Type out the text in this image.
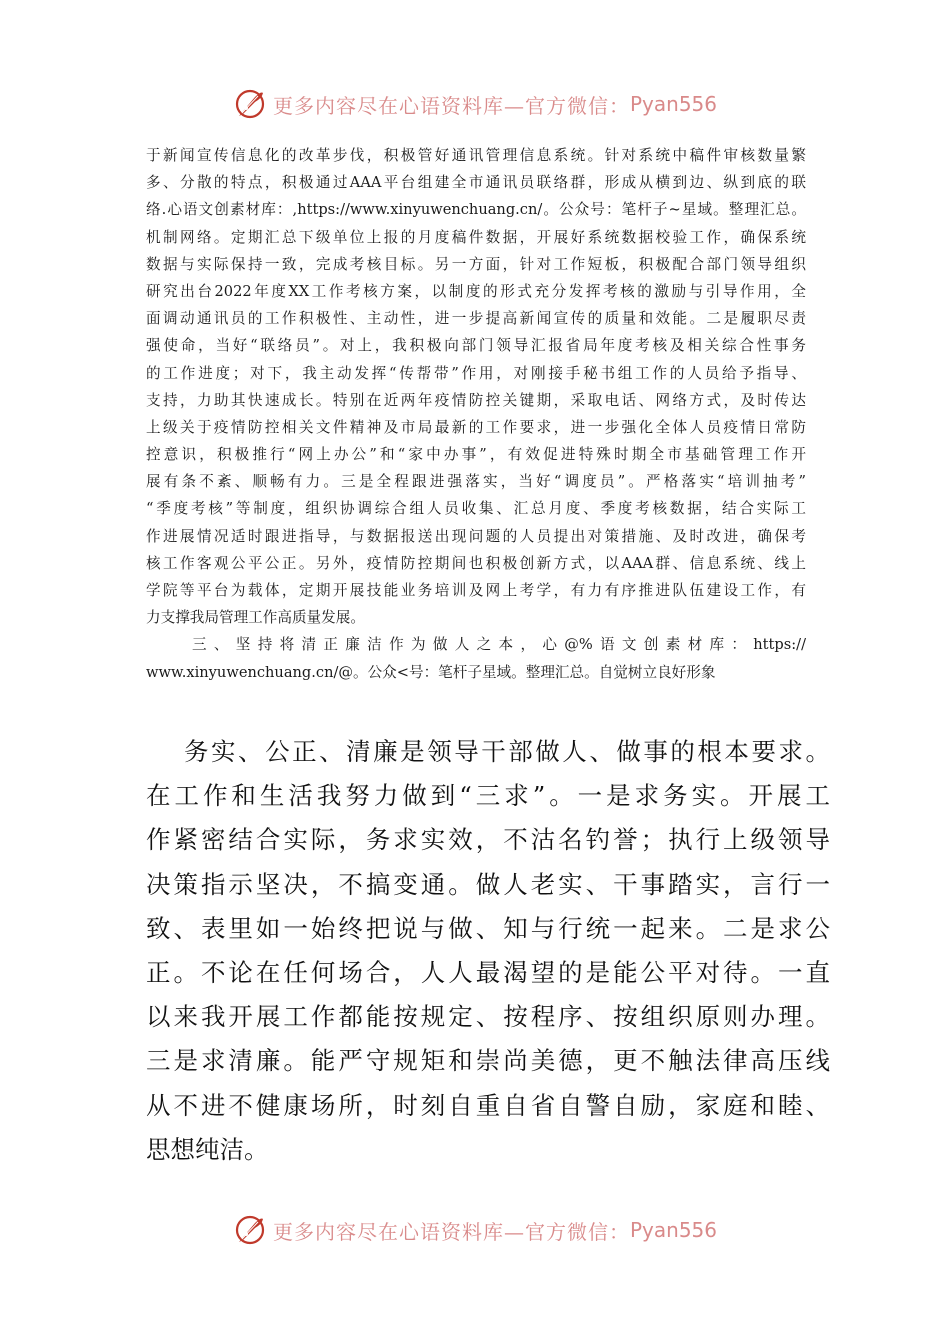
更多内容尽在心语资料库—官方微信： Pyan556
于新闻宣传信息化的改革步伐，积极管好通讯管理信息系统。针对系统中稿件审核数量繁
多、分散的特点，积极通过AAA平台组建全市通讯员联络群，形成从横到边、纵到底的联
络.心语文创素材库：,https://www.xinyuwenchuang.cn/。公众号：笔杆子~星域。整理汇总。
机制网络。定期汇总下级单位上报的月度稿件数据，开展好系统数据校验工作，确保系统
数据与实际保持一致，完成考核目标。另一方面，针对工作短板，积极配合部门领导组织
研究出台2022年度XX工作考核方案，以制度的形式充分发挥考核的激励与引导作用，全
面调动通讯员的工作积极性、主动性，进一步提高新闻宣传的质量和效能。二是履职尽责
强使命，当好“联络员”。对上，我积极向部门领导汇报省局年度考核及相关综合性事务
的工作进度；对下，我主动发挥“传帮带”作用，对刚接手秘书组工作的人员给予指导、
支持，力助其快速成长。特别在近两年疫情防控关键期，采取电话、网络方式，及时传达
上级关于疫情防控相关文件精神及市局最新的工作要求，进一步强化全体人员疫情日常防
控意识，积极推行“网上办公”和“家中办事”，有效促进特殊时期全市基础管理工作开
展有条不紊、顺畅有力。三是全程跟进强落实，当好“调度员”。严格落实“培训抽考”
“季度考核”等制度，组织协调综合组人员收集、汇总月度、季度考核数据，结合实际工
作进展情况适时跟进指导，与数据报送出现问题的人员提出对策措施、及时改进，确保考
核工作客观公平公正。另外，疫情防控期间也积极创新方式，以AAA群、信息系统、线上
学院等平台为载体，定期开展技能业务培训及网上考学，有力有序推进队伍建设工作，有
力支撑我局管理工作高质量发展。
三、坚持将清正廉洁作为做人之本，心@%语文创素材库：https://
www.xinyuwenchuang.cn/@。公众<号：笔杆子星域。整理汇总。自觉树立良好形象
务实、公正、清廉是领导干部做人、做事的根本要求。
在工作和生活我努力做到“三求”。一是求务实。开展工
作紧密结合实际，务求实效，不沽名钓誉；执行上级领导
决策指示坚决，不搞变通。做人老实、干事踏实，言行一
致、表里如一始终把说与做、知与行统一起来。二是求公
正。不论在任何场合，人人最渴望的是能公平对待。一直
以来我开展工作都能按规定、按程序、按组织原则办理。
三是求清廉。能严守规矩和崇尚美德，更不触法律高压线
从不进不健康场所，时刻自重自省自警自励，家庭和睦、
思想纯洁。
更多内容尽在心语资料库—官方微信： Pyan556
